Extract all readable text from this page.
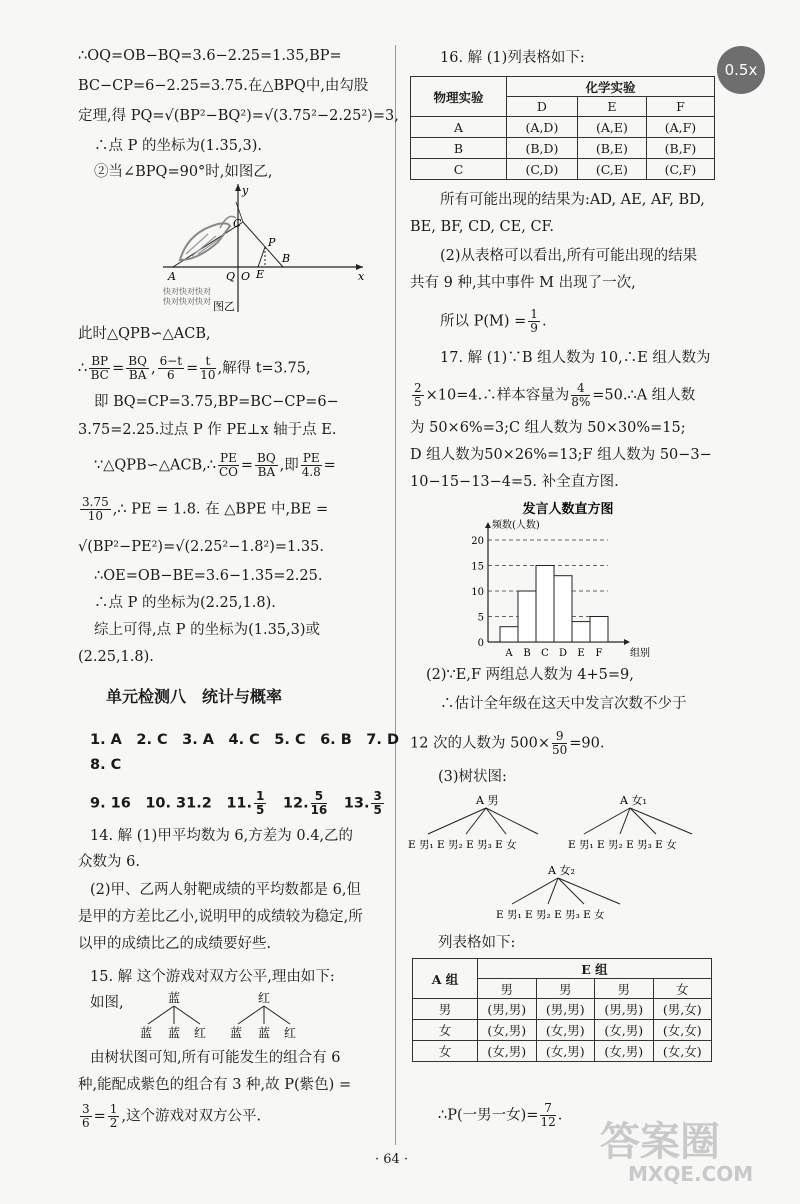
0.5x
∴OQ=OB−BQ=3.6−2.25=1.35,BP=
BC−CP=6−2.25=3.75.在△BPQ中,由勾股
定理,得 PQ=√(BP²−BQ²)=√(3.75²−2.25²)=3,
∴点 P 的坐标为(1.35,3).
②当∠BPQ=90°时,如图乙,
A	Q O E
B
P
C
x
y
快对快对快对
快对快对快对 图乙
此时△QPB∽△ACB,
∴ $\frac{BP}{BC} = \frac{BQ}{BA}$ , $\frac{6-t}{6} = \frac{t}{10}$ ,解得 t=3.75,
即 BQ=CP=3.75,BP=BC−CP=6−
3.75=2.25.过点 P 作 PE⊥x 轴于点 E.
∵△QPB∽△ACB,∴ $\frac{PE}{CO} = \frac{BQ}{BA}$ ,即 $\frac{PE}{4.8}$ =
$\frac{3.75}{10}$ ,∴ PE = 1.8. 在 △BPE 中,BE =
√(BP²−PE²)=√(2.25²−1.8²)=1.35.
∴OE=OB−BE=3.6−1.35=2.25.
∴点 P 的坐标为(2.25,1.8).
综上可得,点 P 的坐标为(1.35,3)或
(2.25,1.8).
单元检测八　统计与概率
1. A　2. C　3. A　4. C　5. C　6. B　7. D
8. C
9. 16　10. 31.2　11. $\frac{1}{5}$ 　12. $\frac{5}{16}$ 　13. $\frac{3}{5}$
14. 解 (1)甲平均数为 6,方差为 0.4,乙的
众数为 6.
(2)甲、乙两人射靶成绩的平均数都是 6,但
是甲的方差比乙小,说明甲的成绩较为稳定,所
以甲的成绩比乙的成绩要好些.
15. 解 这个游戏对双方公平,理由如下:
如图,	蓝
蓝 蓝 红
红
蓝 蓝 红
由树状图可知,所有可能发生的组合有 6
种,能配成紫色的组合有 3 种,故 P(紫色) =
$\frac{3}{6} = \frac{1}{2}$ ,这个游戏对双方公平.
16. 解 (1)列表格如下:
物理实验	化学实验		
	D	E	F
A	(A,D)	(A,E)	(A,F)
B	(B,D)	(B,E)	(B,F)
C	(C,D)	(C,E)	(C,F)
所有可能出现的结果为:AD, AE, AF, BD,
BE, BF, CD, CE, CF.
(2)从表格可以看出,所有可能出现的结果
共有 9 种,其中事件 M 出现了一次,
所以 $P(M) = \frac{1}{9}$ .
17. 解 (1)∵B 组人数为 10,∴E 组人数为
$\frac{2}{5}$ ×10=4.∴样本容量为 $\frac{4}{8\%}$ =50.∴A 组人数
为 50×6%=3;C 组人数为 50×30%=15;
D 组人数为50×26%=13;F 组人数为 50−3−
10−15−13−4=5. 补全直方图.
发言人数直方图
频数(人数)
组别
0
5
10
15
20
A B C D E F
(2)∵E,F 两组总人数为 4+5=9,
∴估计全年级在这天中发言次数不少于
12 次的人数为 $500\times \frac{9}{50} =90$.
(3)树状图:
A 男
E 男₁ E 男₂ E 男₃ E 女
A 女₁
E 男₁ E 男₂ E 男₃ E 女
A 女₂
E 男₁ E 男₂ E 男₃ E 女
列表格如下:
A 组	E 组			
	男	男	男	女
男	(男,男)	(男,男)	(男,男)	(男,女)
女	(女,男)	(女,男)	(女,男)	(女,女)
女	(女,男)	(女,男)	(女,男)	(女,女)
∴P(一男一女)= $\frac{7}{12}$ .
· 64 ·	答案圈
MXQE.COM
